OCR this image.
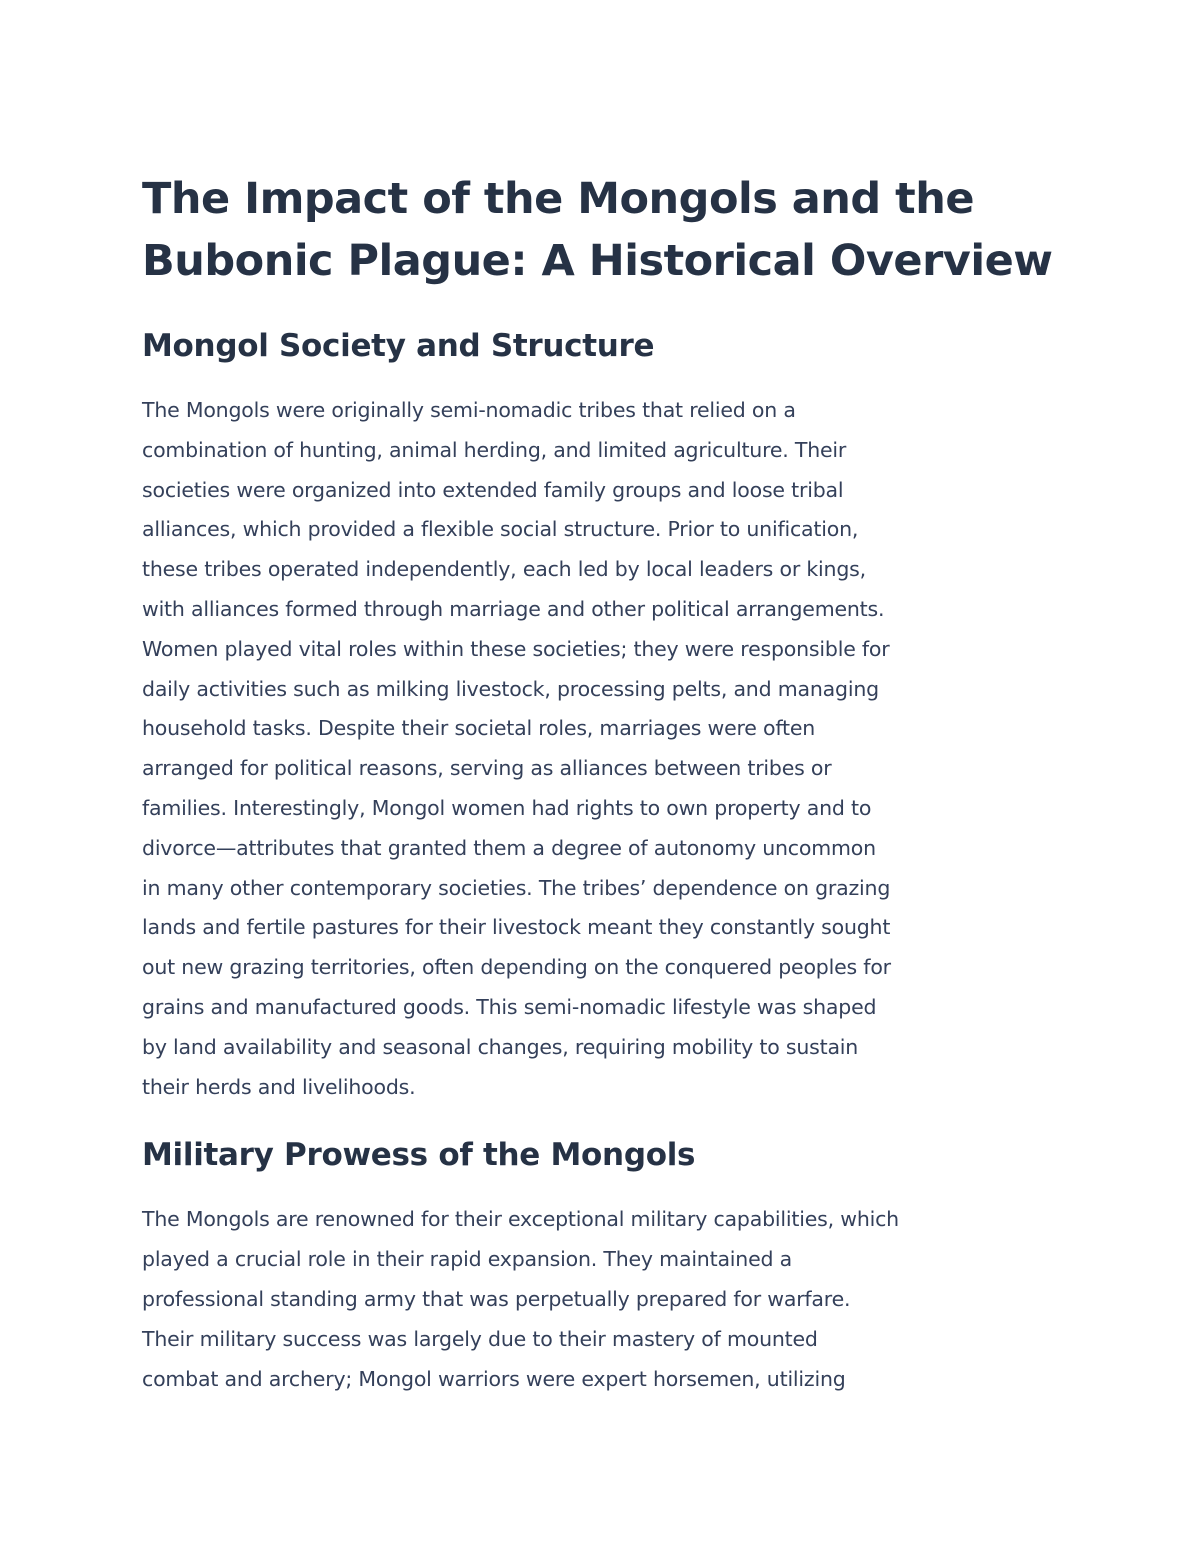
The Impact of the Mongols and the
Bubonic Plague: A Historical Overview
Mongol Society and Structure

The Mongols were originally semi-nomadic tribes that relied on a
combination of hunting, animal herding, and limited agriculture. Their
societies were organized into extended family groups and loose tribal
alliances, which provided a flexible social structure. Prior to unification,
these tribes operated independently, each led by local leaders or kings,
with alliances formed through marriage and other political arrangements.
Women played vital roles within these societies; they were responsible for
daily activities such as milking livestock, processing pelts, and managing
household tasks. Despite their societal roles, marriages were often
arranged for political reasons, serving as alliances between tribes or
families. Interestingly, Mongol women had rights to own property and to
divorce—attributes that granted them a degree of autonomy uncommon
in many other contemporary societies. The tribes’ dependence on grazing
lands and fertile pastures for their livestock meant they constantly sought
out new grazing territories, often depending on the conquered peoples for
grains and manufactured goods. This semi-nomadic lifestyle was shaped
by land availability and seasonal changes, requiring mobility to sustain
their herds and livelihoods.

Military Prowess of the Mongols

The Mongols are renowned for their exceptional military capabilities, which
played a crucial role in their rapid expansion. They maintained a
professional standing army that was perpetually prepared for warfare.
Their military success was largely due to their mastery of mounted
combat and archery; Mongol warriors were expert horsemen, utilizing
